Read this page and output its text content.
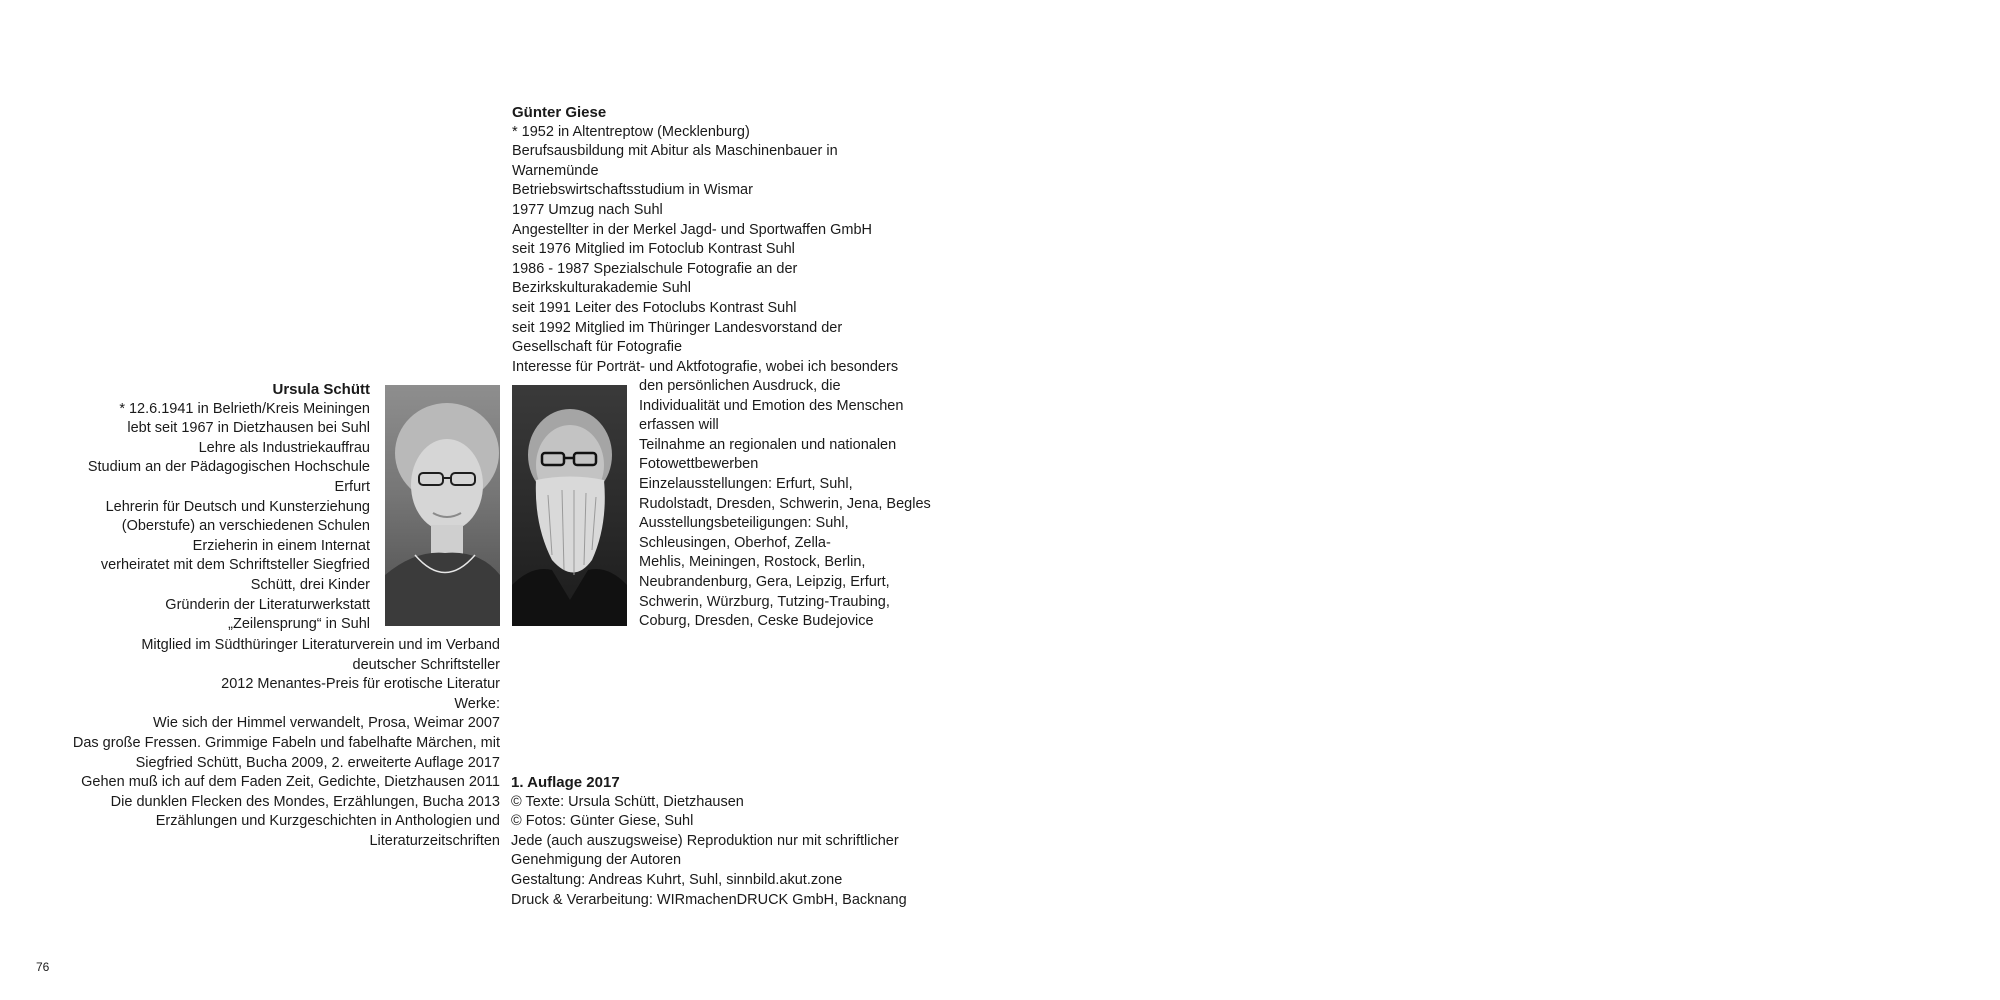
Ursula Schütt

* 12.6.1941 in Belrieth/Kreis Meiningen

lebt seit 1967 in Dietzhausen bei Suhl

Lehre als Industriekauffrau

Studium an der Pädagogischen Hochschule

Erfurt

Lehrerin für Deutsch und Kunsterziehung

(Oberstufe) an verschiedenen Schulen

Erzieherin in einem Internat

verheiratet mit dem Schriftsteller Siegfried

Schütt, drei Kinder

Gründerin der Literaturwerkstatt

„Zeilensprung“ in Suhl

Mitglied im Südthüringer Literaturverein und im Verband

deutscher Schriftsteller

2012 Menantes-Preis für erotische Literatur

Werke:

Wie sich der Himmel verwandelt, Prosa, Weimar 2007

Das große Fressen. Grimmige Fabeln und fabelhafte Märchen, mit

Siegfried Schütt, Bucha 2009, 2. erweiterte Auflage 2017

Gehen muß ich auf dem Faden Zeit, Gedichte, Dietzhausen 2011

Die dunklen Flecken des Mondes, Erzählungen, Bucha 2013

Erzählungen und Kurzgeschichten in Anthologien und

Literaturzeitschriften

Günter Giese

* 1952 in Altentreptow (Mecklenburg)

Berufsausbildung mit Abitur als Maschinenbauer in

Warnemünde

Betriebswirtschaftsstudium in Wismar

1977 Umzug nach Suhl

Angestellter in der Merkel Jagd- und Sportwaffen GmbH

seit 1976 Mitglied im Fotoclub Kontrast Suhl

1986 - 1987 Spezialschule Fotografie an der

Bezirkskulturakademie Suhl

seit 1991 Leiter des Fotoclubs Kontrast Suhl

seit 1992 Mitglied im Thüringer Landesvorstand der

Gesellschaft für Fotografie

Interesse für Porträt- und Aktfotografie, wobei ich besonders

den persönlichen Ausdruck, die

Individualität und Emotion des Menschen

erfassen will

Teilnahme an regionalen und nationalen

Fotowettbewerben

Einzelausstellungen: Erfurt, Suhl,

Rudolstadt, Dresden, Schwerin, Jena, Begles

Ausstellungsbeteiligungen: Suhl,

Schleusingen, Oberhof, Zella-

Mehlis, Meiningen, Rostock, Berlin,

Neubrandenburg, Gera, Leipzig, Erfurt,

Schwerin, Würzburg, Tutzing-Traubing,

Coburg, Dresden, Ceske Budejovice

1. Auflage 2017

© Texte: Ursula Schütt, Dietzhausen

© Fotos: Günter Giese, Suhl

Jede (auch auszugsweise) Reproduktion nur mit schriftlicher

Genehmigung der Autoren

Gestaltung: Andreas Kuhrt, Suhl, sinnbild.akut.zone

Druck & Verarbeitung: WIRmachenDRUCK GmbH, Backnang

76
